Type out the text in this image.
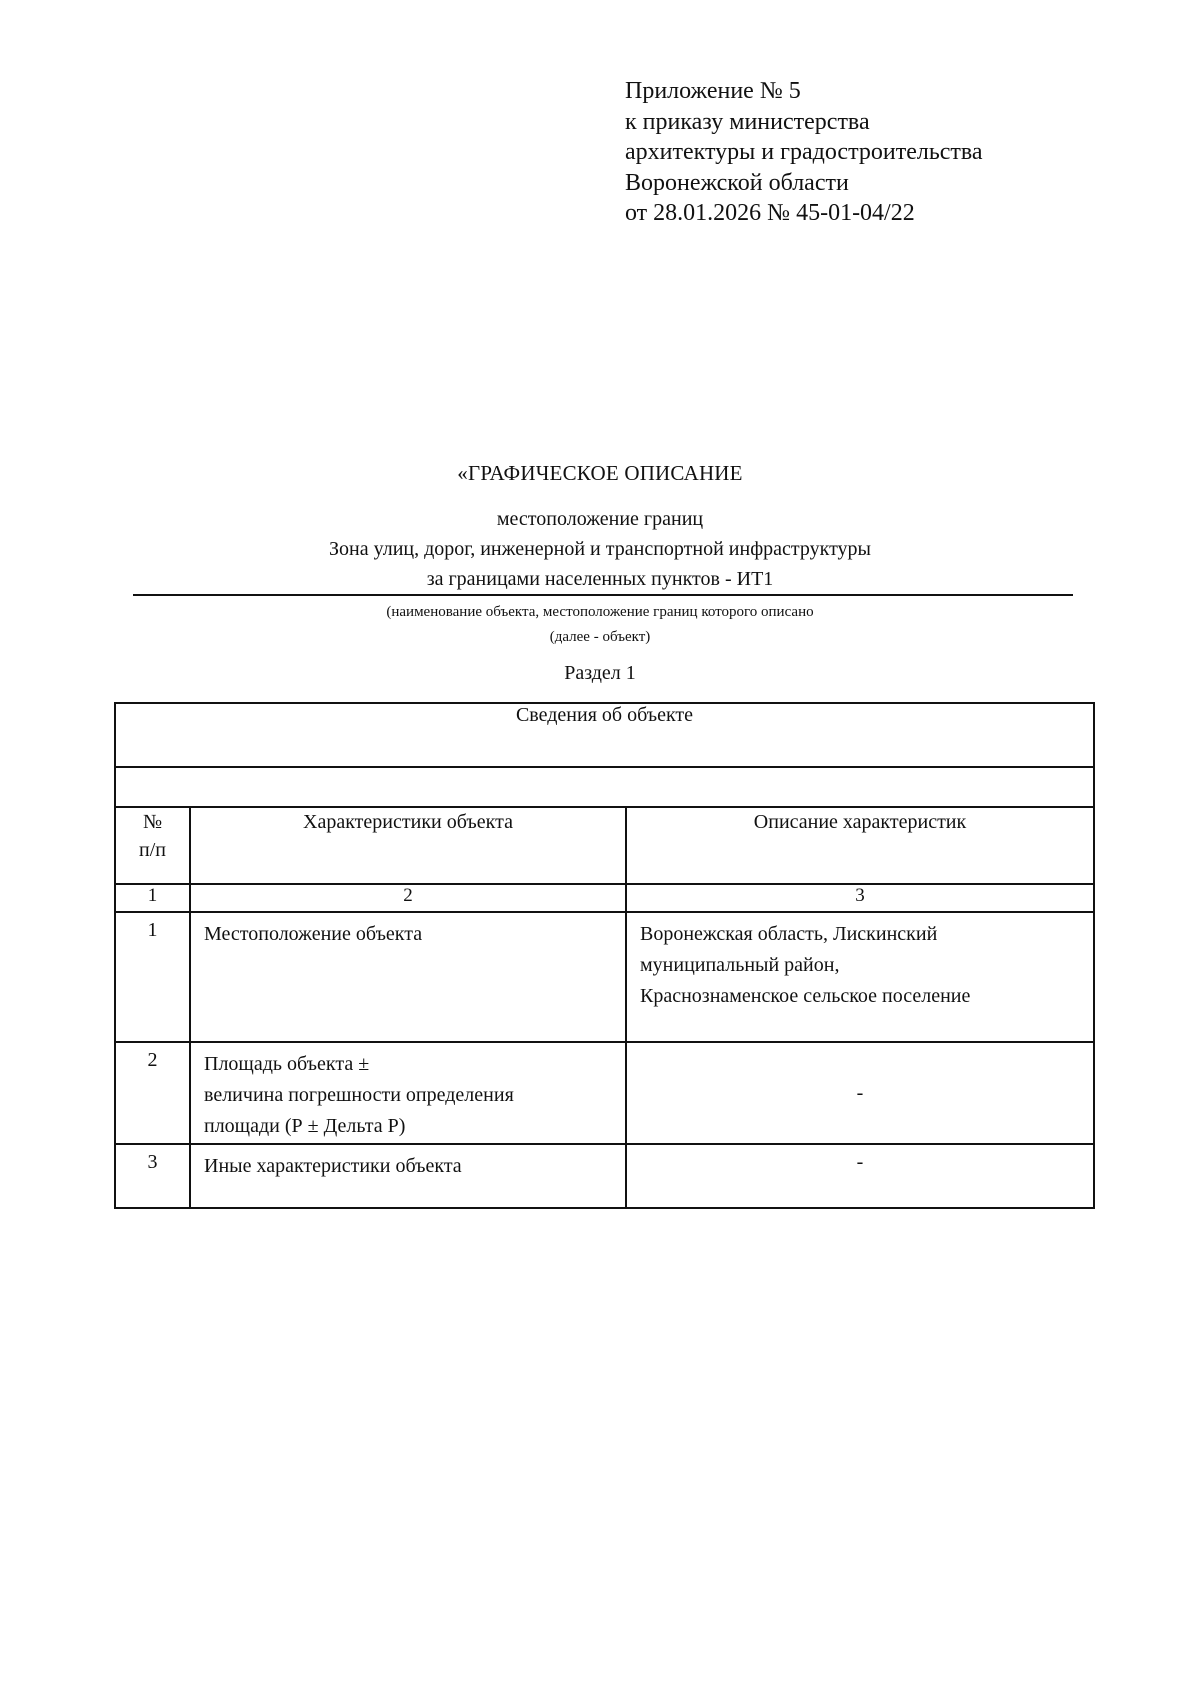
Приложение № 5
к приказу министерства
архитектуры и градостроительства
Воронежской области
от 28.01.2026 № 45-01-04/22
«ГРАФИЧЕСКОЕ ОПИСАНИЕ
местоположение границ
Зона улиц, дорог, инженерной и транспортной инфраструктуры
за границами населенных пунктов - ИТ1
(наименование объекта, местоположение границ которого описано
(далее - объект)
Раздел 1
Сведения об объекте		

№
п/п	Характеристики объекта	Описание характеристик
1	2	3
1	Местоположение объекта	Воронежская область, Лискинский
муниципальный район,
Краснознаменское сельское поселение
2	Площадь объекта ±
величина погрешности определения
площади (Р ± Дельта Р)	-
3	Иные характеристики объекта	-
